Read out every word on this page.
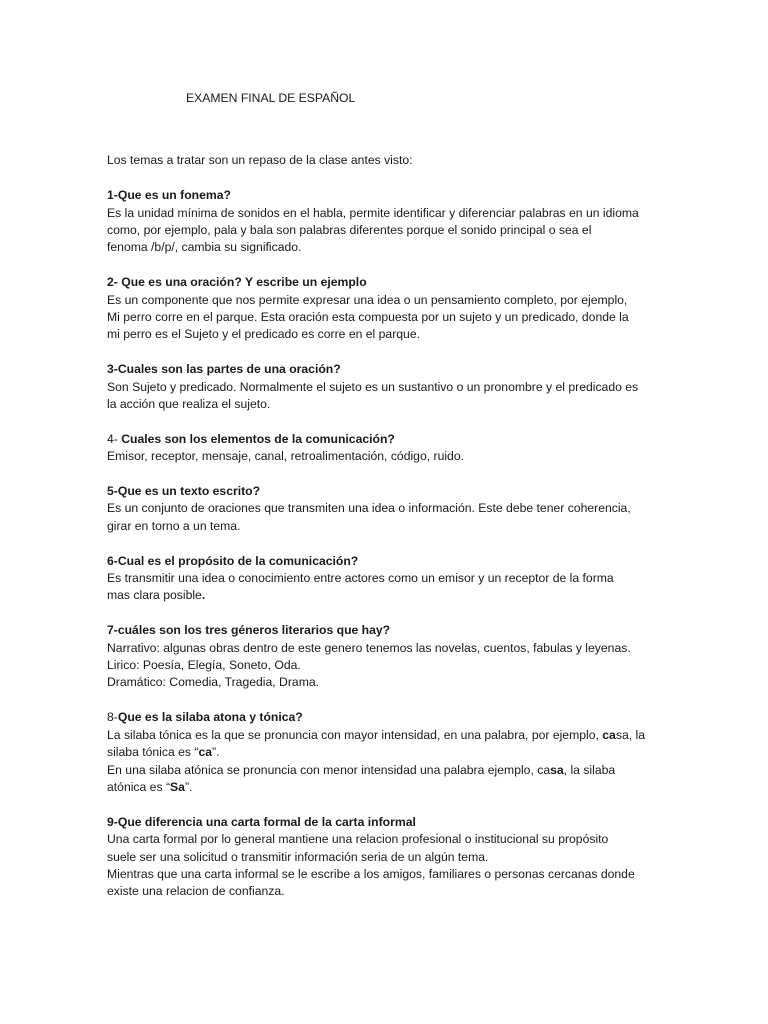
EXAMEN FINAL DE ESPAÑOL

Los temas a tratar son un repaso de la clase antes visto:

1-Que es un fonema?

Es la unidad mínima de sonidos en el habla, permite identificar y diferenciar palabras en un idioma

como, por ejemplo, pala y bala son palabras diferentes porque el sonido principal o sea el

fenoma /b/p/, cambia su significado.

2- Que es una oración? Y escribe un ejemplo

Es un componente que nos permite expresar una idea o un pensamiento completo, por ejemplo,

Mi perro corre en el parque. Esta oración esta compuesta por un sujeto y un predicado, donde la

mi perro es el Sujeto y el predicado es corre en el parque.

3-Cuales son las partes de una oración?

Son Sujeto y predicado. Normalmente el sujeto es un sustantivo o un pronombre y el predicado es

la acción que realiza el sujeto.

4- Cuales son los elementos de la comunicación?

Emisor, receptor, mensaje, canal, retroalimentación, código, ruido.

5-Que es un texto escrito?

Es un conjunto de oraciones que transmiten una idea o información. Este debe tener coherencia,

girar en torno a un tema.

6-Cual es el propósito de la comunicación?

Es transmitir una idea o conocimiento entre actores como un emisor y un receptor de la forma

mas clara posible.

7-cuáles son los tres géneros literarios que hay?

Narrativo: algunas obras dentro de este genero tenemos las novelas, cuentos, fabulas y leyenas.

Lirico: Poesía, Elegía, Soneto, Oda.

Dramático: Comedia, Tragedia, Drama.

8-Que es la silaba atona y tónica?

La silaba tónica es la que se pronuncia con mayor intensidad, en una palabra, por ejemplo, casa, la

silaba tónica es “ca”.

En una silaba atónica se pronuncia con menor intensidad una palabra ejemplo, casa, la silaba

atónica es “Sa”.

9-Que diferencia una carta formal de la carta informal

Una carta formal por lo general mantiene una relacion profesional o institucional su propósito

suele ser una solicitud o transmitir información seria de un algún tema.

Mientras que una carta informal se le escribe a los amigos, familiares o personas cercanas donde

existe una relacion de confianza.
